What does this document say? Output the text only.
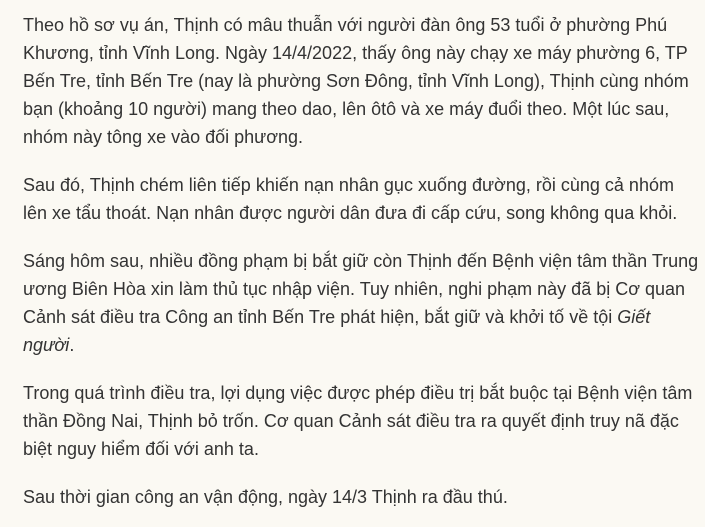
Theo hồ sơ vụ án, Thịnh có mâu thuẫn với người đàn ông 53 tuổi ở phường Phú Khương, tỉnh Vĩnh Long. Ngày 14/4/2022, thấy ông này chạy xe máy phường 6, TP Bến Tre, tỉnh Bến Tre (nay là phường Sơn Đông, tỉnh Vĩnh Long), Thịnh cùng nhóm bạn (khoảng 10 người) mang theo dao, lên ôtô và xe máy đuổi theo. Một lúc sau, nhóm này tông xe vào đối phương.

Sau đó, Thịnh chém liên tiếp khiến nạn nhân gục xuống đường, rồi cùng cả nhóm lên xe tẩu thoát. Nạn nhân được người dân đưa đi cấp cứu, song không qua khỏi.

Sáng hôm sau, nhiều đồng phạm bị bắt giữ còn Thịnh đến Bệnh viện tâm thần Trung ương Biên Hòa xin làm thủ tục nhập viện. Tuy nhiên, nghi phạm này đã bị Cơ quan Cảnh sát điều tra Công an tỉnh Bến Tre phát hiện, bắt giữ và khởi tố về tội Giết người.

Trong quá trình điều tra, lợi dụng việc được phép điều trị bắt buộc tại Bệnh viện tâm thần Đồng Nai, Thịnh bỏ trốn. Cơ quan Cảnh sát điều tra ra quyết định truy nã đặc biệt nguy hiểm đối với anh ta.

Sau thời gian công an vận động, ngày 14/3 Thịnh ra đầu thú.
